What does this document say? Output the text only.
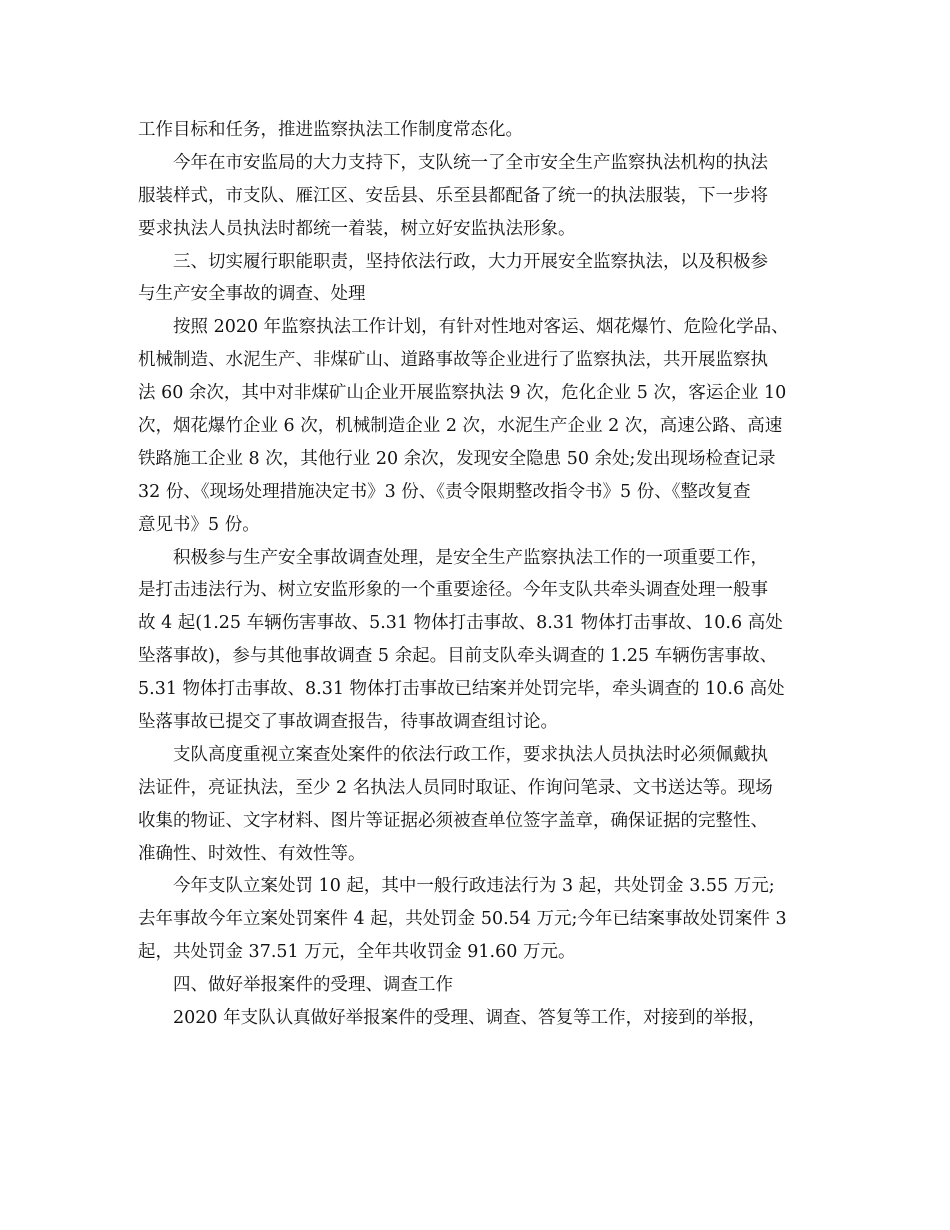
工作目标和任务，推进监察执法工作制度常态化。
今年在市安监局的大力支持下，支队统一了全市安全生产监察执法机构的执法
服装样式，市支队、雁江区、安岳县、乐至县都配备了统一的执法服装，下一步将
要求执法人员执法时都统一着装，树立好安监执法形象。
三、切实履行职能职责，坚持依法行政，大力开展安全监察执法，以及积极参
与生产安全事故的调查、处理
按照 2020 年监察执法工作计划，有针对性地对客运、烟花爆竹、危险化学品、
机械制造、水泥生产、非煤矿山、道路事故等企业进行了监察执法，共开展监察执
法 60 余次，其中对非煤矿山企业开展监察执法 9 次，危化企业 5 次，客运企业 10
次，烟花爆竹企业 6 次，机械制造企业 2 次，水泥生产企业 2 次，高速公路、高速
铁路施工企业 8 次，其他行业 20 余次，发现安全隐患 50 余处;发出现场检查记录
32 份、《现场处理措施决定书》3 份、《责令限期整改指令书》5 份、《整改复查
意见书》5 份。
积极参与生产安全事故调查处理，是安全生产监察执法工作的一项重要工作，
是打击违法行为、树立安监形象的一个重要途径。今年支队共牵头调查处理一般事
故 4 起(1.25 车辆伤害事故、5.31 物体打击事故、8.31 物体打击事故、10.6 高处
坠落事故)，参与其他事故调查 5 余起。目前支队牵头调查的 1.25 车辆伤害事故、
5.31 物体打击事故、8.31 物体打击事故已结案并处罚完毕，牵头调查的 10.6 高处
坠落事故已提交了事故调查报告，待事故调查组讨论。
支队高度重视立案查处案件的依法行政工作，要求执法人员执法时必须佩戴执
法证件，亮证执法，至少 2 名执法人员同时取证、作询问笔录、文书送达等。现场
收集的物证、文字材料、图片等证据必须被查单位签字盖章，确保证据的完整性、
准确性、时效性、有效性等。
今年支队立案处罚 10 起，其中一般行政违法行为 3 起，共处罚金 3.55 万元;
去年事故今年立案处罚案件 4 起，共处罚金 50.54 万元;今年已结案事故处罚案件 3
起，共处罚金 37.51 万元，全年共收罚金 91.60 万元。
四、做好举报案件的受理、调查工作
2020 年支队认真做好举报案件的受理、调查、答复等工作，对接到的举报，
